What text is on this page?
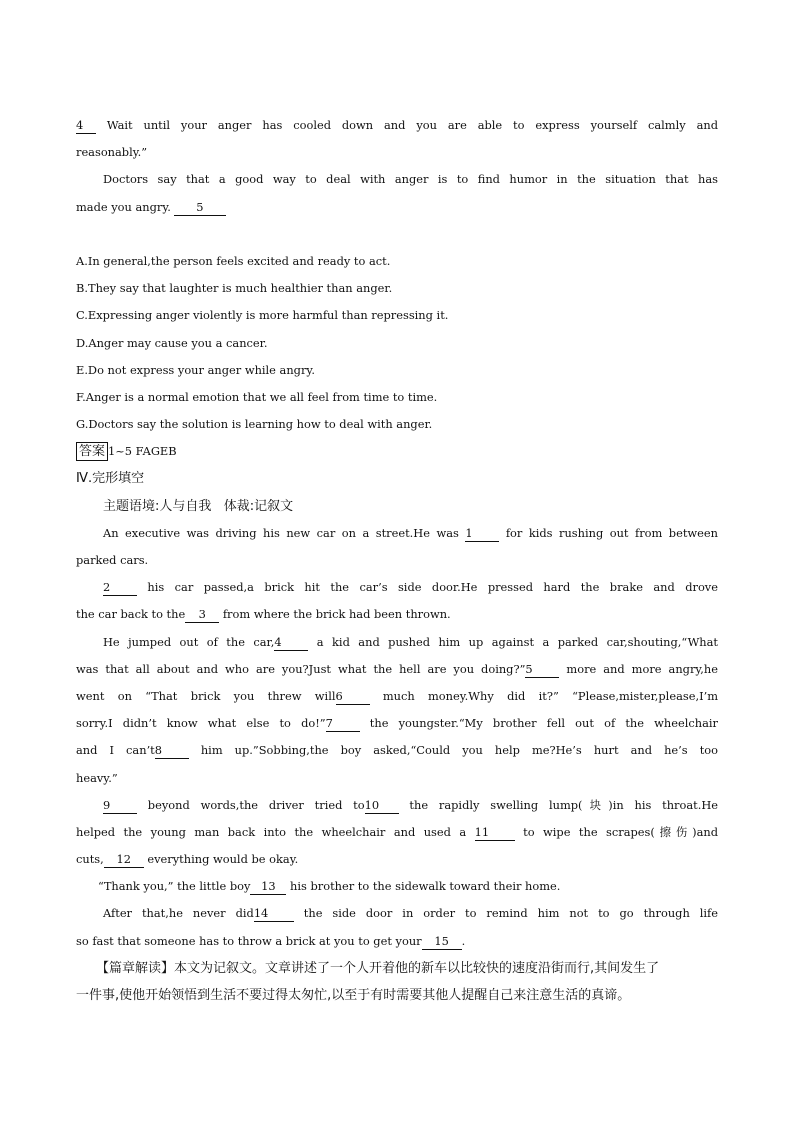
4 Wait until your anger has cooled down and you are able to express yourself calmly and
reasonably.”
Doctors say that a good way to deal with anger is to find humor in the situation that has
made you angry. 5
A.In general,the person feels excited and ready to act.
B.They say that laughter is much healthier than anger.
C.Expressing anger violently is more harmful than repressing it.
D.Anger may cause you a cancer.
E.Do not express your anger while angry.
F.Anger is a normal emotion that we all feel from time to time.
G.Doctors say the solution is learning how to deal with anger.
答案 1~5 FAGEB
Ⅳ.完形填空
主题语境:人与自我   体裁:记叙文
An executive was driving his new car on a street.He was 1 for kids rushing out from between
parked cars.
2 his car passed,a brick hit the car’s side door.He pressed hard the brake and drove
the car back to the 3 from where the brick had been thrown.
He jumped out of the car,4 a kid and pushed him up against a parked car,shouting,“What
was that all about and who are you?Just what the hell are you doing?”5 more and more angry,he
went on “That brick you threw will6 much money.Why did it?” “Please,mister,please,I’m
sorry.I didn’t know what else to do!”7 the youngster.“My brother fell out of the wheelchair
and I can’t8 him up.”Sobbing,the boy asked,“Could you help me?He’s hurt and he’s too
heavy.”
9 beyond words,the driver tried to10 the rapidly swelling lump(块)in his throat.He
helped the young man back into the wheelchair and used a 11 to wipe the scrapes(擦伤)and
cuts, 12 everything would be okay.
“Thank you,” the little boy 13 his brother to the sidewalk toward their home.
After that,he never did14 the side door in order to remind him not to go through life
so fast that someone has to throw a brick at you to get your 15 .
【篇章解读】本文为记叙文。文章讲述了一个人开着他的新车以比较快的速度沿街而行,其间发生了
一件事,使他开始领悟到生活不要过得太匆忙,以至于有时需要其他人提醒自己来注意生活的真谛。
